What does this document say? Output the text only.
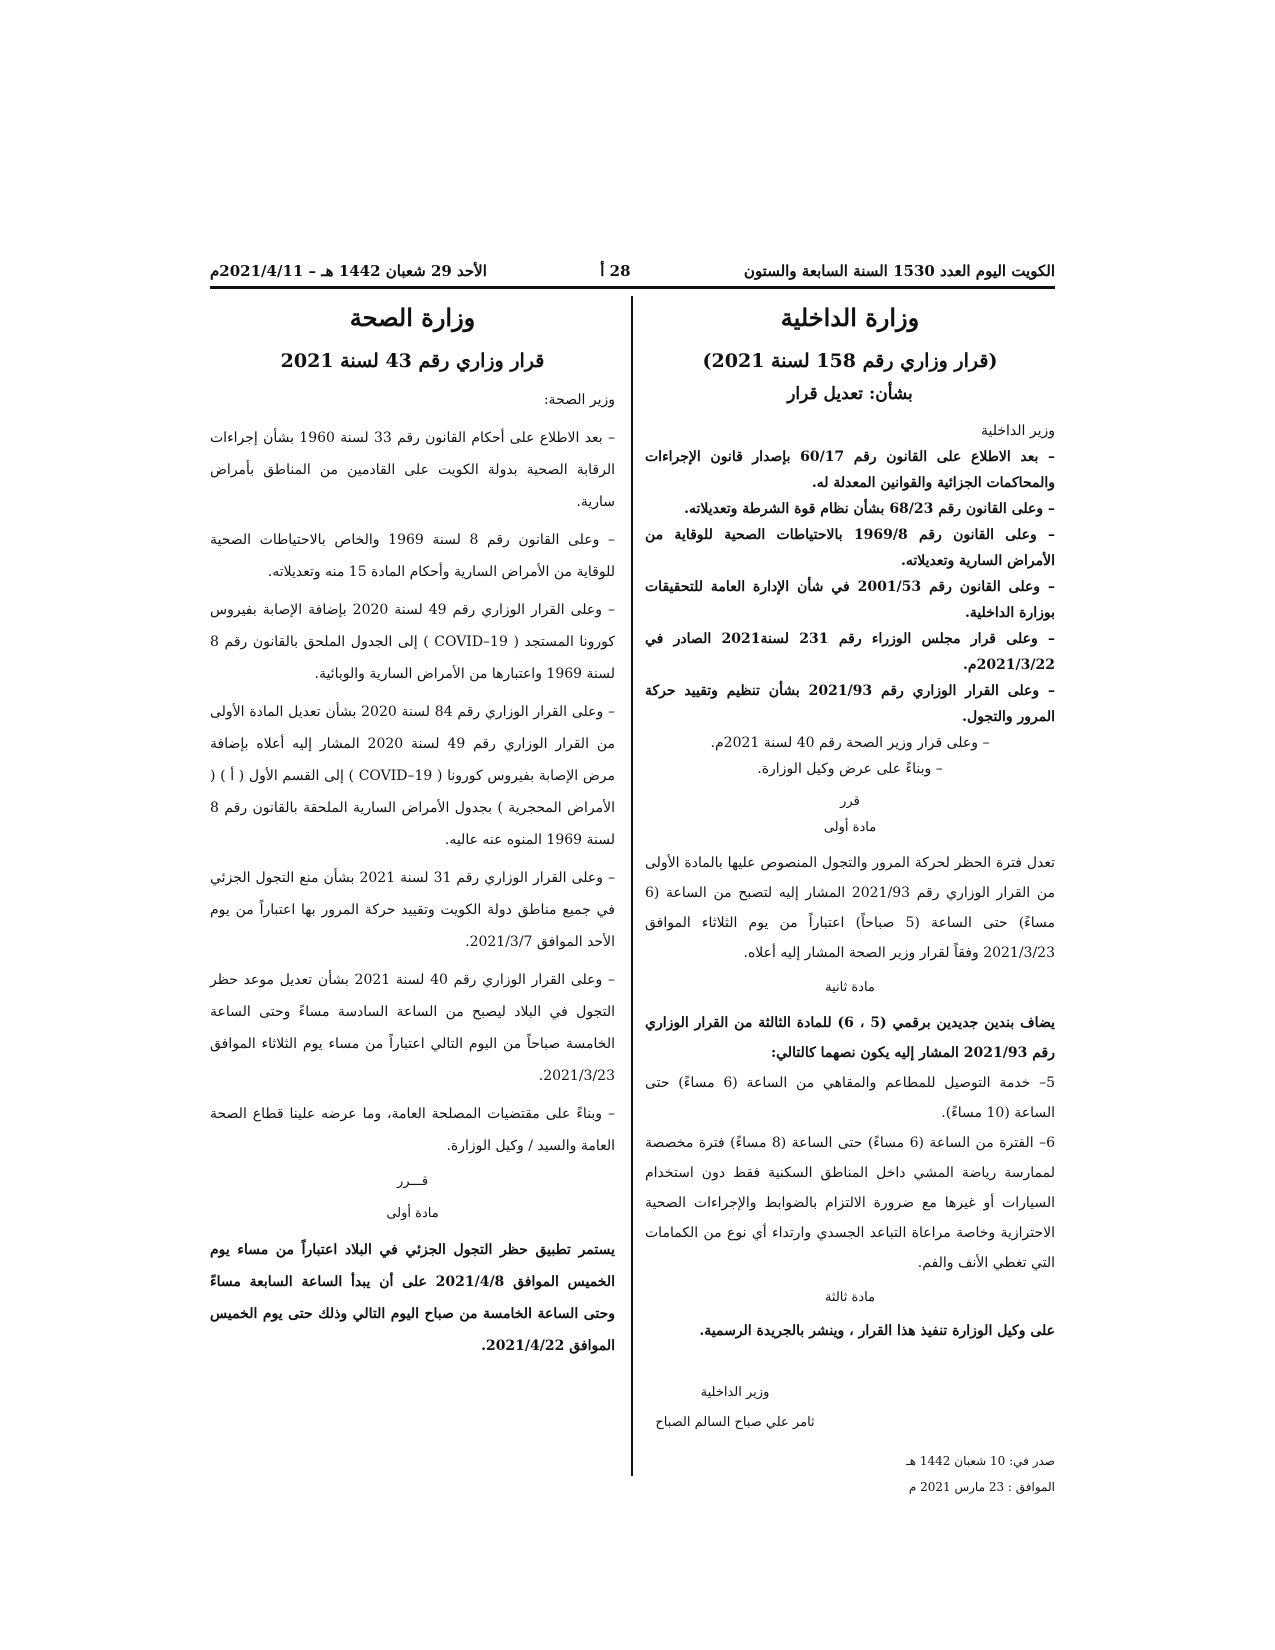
الكويت اليوم العدد 1530 السنة السابعة والستون
28 أ
الأحد 29 شعبان 1442 هـ – 2021/4/11م
وزارة الداخلية
(قرار وزاري رقم 158 لسنة 2021)
بشأن: تعديل قرار

وزير الداخلية

– بعد الاطلاع على القانون رقم 60/17 بإصدار قانون الإجراءات والمحاكمات الجزائية والقوانين المعدلة له.

– وعلى القانون رقم 68/23 بشأن نظام قوة الشرطة وتعديلاته.

– وعلى القانون رقم 1969/8 بالاحتياطات الصحية للوقاية من الأمراض السارية وتعديلاته.

– وعلى القانون رقم 2001/53 في شأن الإدارة العامة للتحقيقات بوزارة الداخلية.

– وعلى قرار مجلس الوزراء رقم 231 لسنة2021 الصادر في 2021/3/22م.

– وعلى القرار الوزاري رقم 2021/93 بشأن تنظيم وتقييد حركة المرور والتجول.

– وعلى قرار وزير الصحة رقم 40 لسنة 2021م.

– وبناءً على عرض وكيل الوزارة.

قرر
مادة أولى

تعدل فترة الحظر لحركة المرور والتجول المنصوص عليها بالمادة الأولى من القرار الوزاري رقم 2021/93 المشار إليه لتصبح من الساعة (6 مساءً) حتى الساعة (5 صباحاً) اعتباراً من يوم الثلاثاء الموافق 2021/3/23 وفقاً لقرار وزير الصحة المشار إليه أعلاه.

مادة ثانية

يضاف بندين جديدين برقمي (5 ، 6) للمادة الثالثة من القرار الوزاري رقم 2021/93 المشار إليه يكون نصهما كالتالي:

5– خدمة التوصيل للمطاعم والمقاهي من الساعة (6 مساءً) حتى الساعة (10 مساءً).

6– الفترة من الساعة (6 مساءً) حتى الساعة (8 مساءً) فترة مخصصة لممارسة رياضة المشي داخل المناطق السكنية فقط دون استخدام السيارات أو غيرها مع ضرورة الالتزام بالضوابط والإجراءات الصحية الاحترازية وخاصة مراعاة التباعد الجسدي وارتداء أي نوع من الكمامات التي تغطي الأنف والفم.

مادة ثالثة

على وكيل الوزارة تنفيذ هذا القرار ، وينشر بالجريدة الرسمية.

وزير الداخلية
ثامر علي صباح السالم الصباح
صدر في: 10 شعبان 1442 هـ
الموافق : 23 مارس 2021 م
وزارة الصحة
قرار وزاري رقم 43 لسنة 2021

وزير الصحة:

– بعد الاطلاع على أحكام القانون رقم 33 لسنة 1960 بشأن إجراءات الرقابة الصحية بدولة الكويت على القادمين من المناطق بأمراض سارية.

– وعلى القانون رقم 8 لسنة 1969 والخاص بالاحتياطات الصحية للوقاية من الأمراض السارية وأحكام المادة 15 منه وتعديلاته.

– وعلى القرار الوزاري رقم 49 لسنة 2020 بإضافة الإصابة بفيروس كورونا المستجد ( COVID–19 ) إلى الجدول الملحق بالقانون رقم 8 لسنة 1969 واعتبارها من الأمراض السارية والوبائية.

– وعلى القرار الوزاري رقم 84 لسنة 2020 بشأن تعديل المادة الأولى من القرار الوزاري رقم 49 لسنة 2020 المشار إليه أعلاه بإضافة مرض الإصابة بفيروس كورونا ( COVID–19 ) إلى القسم الأول ( أ ) ( الأمراض المحجرية ) بجدول الأمراض السارية الملحقة بالقانون رقم 8 لسنة 1969 المنوه عنه عاليه.

– وعلى القرار الوزاري رقم 31 لسنة 2021 بشأن منع التجول الجزئي في جميع مناطق دولة الكويت وتقييد حركة المرور بها اعتباراً من يوم الأحد الموافق 2021/3/7.

– وعلى القرار الوزاري رقم 40 لسنة 2021 بشأن تعديل موعد حظر التجول في البلاد ليصبح من الساعة السادسة مساءً وحتى الساعة الخامسة صباحاً من اليوم التالي اعتباراً من مساء يوم الثلاثاء الموافق 2021/3/23.

– وبناءً على مقتضيات المصلحة العامة، وما عرضه علينا قطاع الصحة العامة والسيد / وكيل الوزارة.

قـــرر
مادة أولى

يستمر تطبيق حظر التجول الجزئي في البلاد اعتباراً من مساء يوم الخميس الموافق 2021/4/8 على أن يبدأ الساعة السابعة مساءً وحتى الساعة الخامسة من صباح اليوم التالي وذلك حتى يوم الخميس الموافق 2021/4/22.
